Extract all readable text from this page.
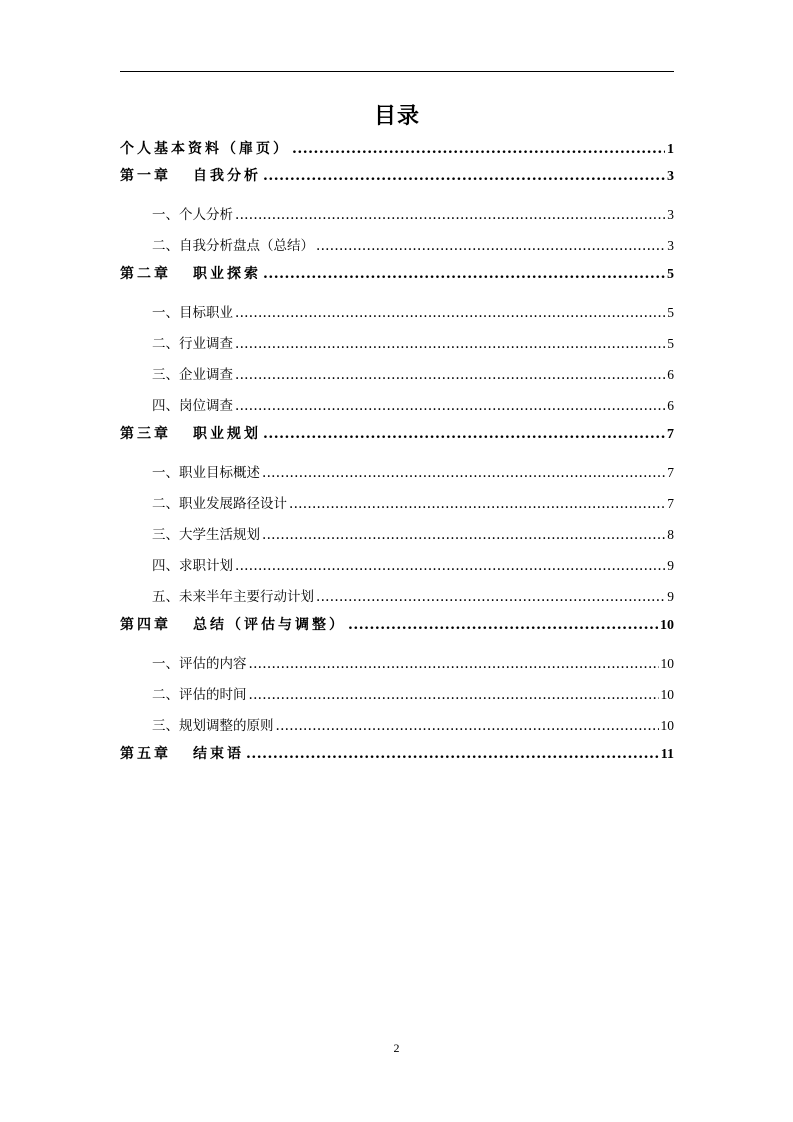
目录
个人基本资料（扉页） .....	1
第一章 自我分析 .....	3
一、个人分析 .....	3
二、自我分析盘点（总结） .....	3
第二章 职业探索 .....	5
一、目标职业 .....	5
二、行业调查 .....	5
三、企业调查 .....	6
四、岗位调查 .....	6
第三章 职业规划 .....	7
一、职业目标概述 .....	7
二、职业发展路径设计 .....	7
三、大学生活规划 .....	8
四、求职计划 .....	9
五、未来半年主要行动计划 .....	9
第四章 总结（评估与调整） .....	10
一、评估的内容 .....	10
二、评估的时间 .....	10
三、规划调整的原则 .....	10
第五章 结束语 .....	11
2
